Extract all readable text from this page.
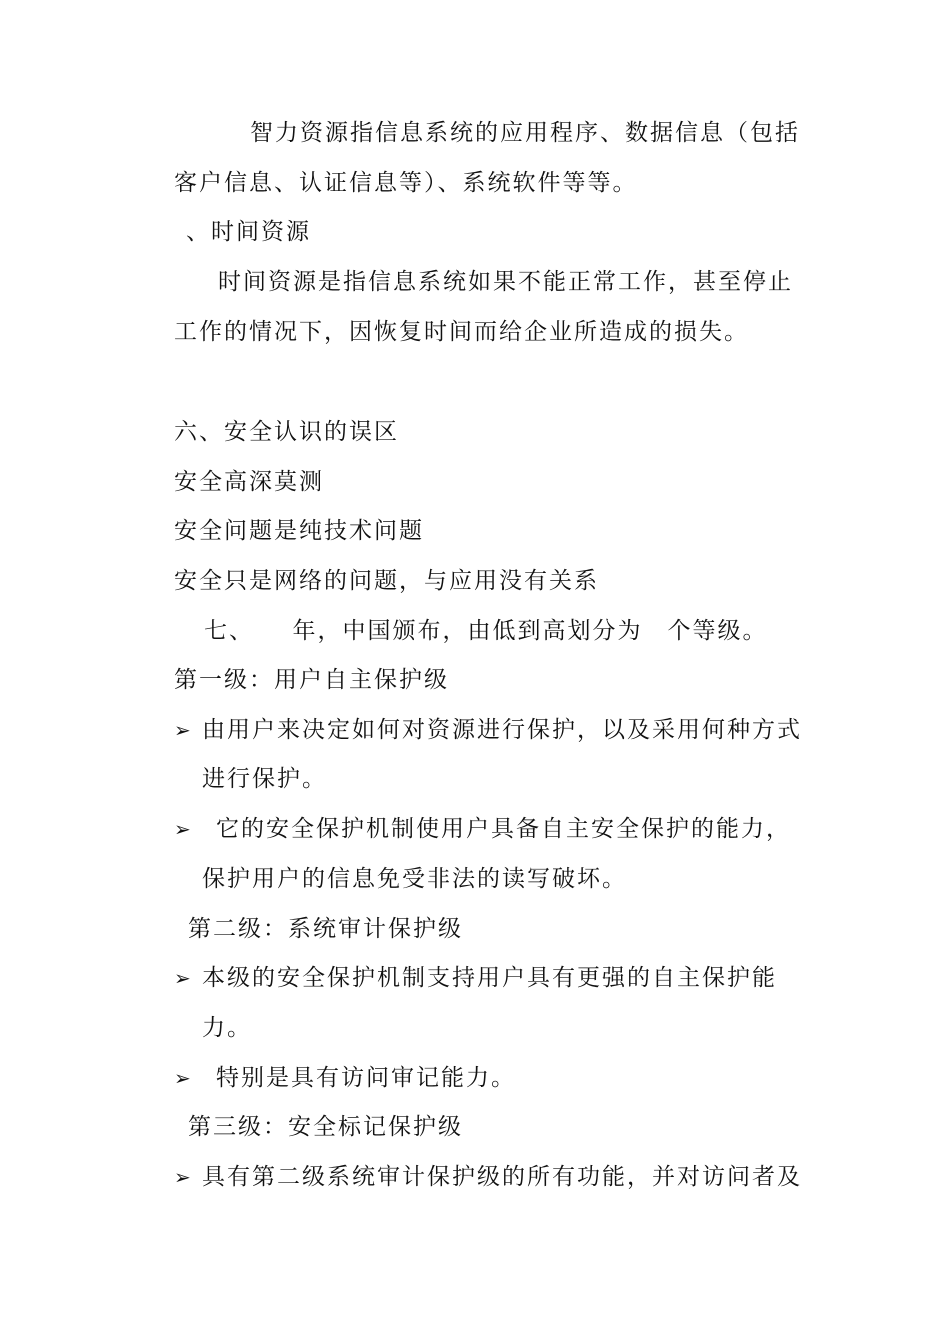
智力资源指信息系统的应用程序、数据信息（包括
客户信息、认证信息等）、系统软件等等。
、时间资源
时间资源是指信息系统如果不能正常工作，甚至停止
工作的情况下，因恢复时间而给企业所造成的损失。
六、安全认识的误区
安全高深莫测
安全问题是纯技术问题
安全只是网络的问题，与应用没有关系
七、　　年，中国颁布，由低到高划分为　个等级。
第一级：用户自主保护级
➢ 由用户来决定如何对资源进行保护，以及采用何种方式
进行保护。
➢ 它的安全保护机制使用户具备自主安全保护的能力，
保护用户的信息免受非法的读写破坏。
第二级：系统审计保护级
➢ 本级的安全保护机制支持用户具有更强的自主保护能
力。
➢ 特别是具有访问审记能力。
第三级：安全标记保护级
➢ 具有第二级系统审计保护级的所有功能，并对访问者及
